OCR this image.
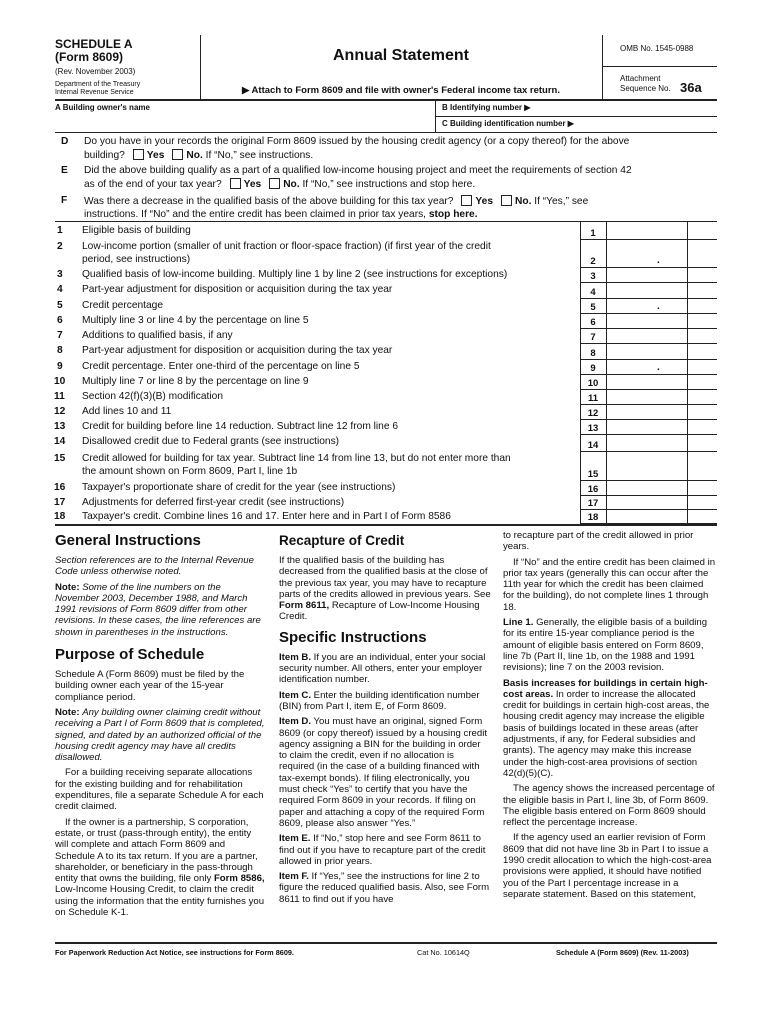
SCHEDULE A
(Form 8609)
(Rev. November 2003)
Department of the Treasury
Internal Revenue Service
Annual Statement
▶ Attach to Form 8609 and file with owner's Federal income tax return.
OMB No. 1545-0988
Attachment
Sequence No. 36a
A Building owner's name	B Identifying number ▶
C Building identification number ▶
D	Do you have in your records the original Form 8609 issued by the housing credit agency (or a copy thereof) for the above
building? Yes No. If “No,” see instructions.
E	Did the above building qualify as a part of a qualified low-income housing project and meet the requirements of section 42
as of the end of your tax year? Yes No. If “No,” see instructions and stop here.
F	Was there a decrease in the qualified basis of the above building for this tax year? Yes No. If “Yes,” see
instructions. If “No” and the entire credit has been claimed in prior tax years, stop here.
1	Eligible basis of building	1
2	Low-income portion (smaller of unit fraction or floor-space fraction) (if first year of the credit
period, see instructions)	2	.
3	Qualified basis of low-income building. Multiply line 1 by line 2 (see instructions for exceptions)	3
4	Part-year adjustment for disposition or acquisition during the tax year	4
5	Credit percentage	5	.
6	Multiply line 3 or line 4 by the percentage on line 5	6
7	Additions to qualified basis, if any	7
8	Part-year adjustment for disposition or acquisition during the tax year	8
9	Credit percentage. Enter one-third of the percentage on line 5	9	.
10	Multiply line 7 or line 8 by the percentage on line 9	10
11	Section 42(f)(3)(B) modification	11
12	Add lines 10 and 11	12
13	Credit for building before line 14 reduction. Subtract line 12 from line 6	13
14	Disallowed credit due to Federal grants (see instructions)	14
15	Credit allowed for building for tax year. Subtract line 14 from line 13, but do not enter more than
the amount shown on Form 8609, Part I, line 1b	15
16	Taxpayer's proportionate share of credit for the year (see instructions)	16
17	Adjustments for deferred first-year credit (see instructions)	17
18	Taxpayer's credit. Combine lines 16 and 17. Enter here and in Part I of Form 8586	18
General Instructions

Section references are to the Internal Revenue Code unless otherwise noted.

Note: Some of the line numbers on the November 2003, December 1988, and March 1991 revisions of Form 8609 differ from other revisions. In these cases, the line references are shown in parentheses in the instructions.

Purpose of Schedule

Schedule A (Form 8609) must be filed by the building owner each year of the 15-year compliance period.

Note: Any building owner claiming credit without receiving a Part I of Form 8609 that is completed, signed, and dated by an authorized official of the housing credit agency may have all credits disallowed.

For a building receiving separate allocations for the existing building and for rehabilitation expenditures, file a separate Schedule A for each credit claimed.

If the owner is a partnership, S corporation, estate, or trust (pass-through entity), the entity will complete and attach Form 8609 and Schedule A to its tax return. If you are a partner, shareholder, or beneficiary in the pass-through entity that owns the building, file only Form 8586, Low-Income Housing Credit, to claim the credit using the information that the entity furnishes you on Schedule K-1.

Recapture of Credit

If the qualified basis of the building has decreased from the qualified basis at the close of the previous tax year, you may have to recapture parts of the credits allowed in previous years. See Form 8611, Recapture of Low-Income Housing Credit.

Specific Instructions

Item B. If you are an individual, enter your social security number. All others, enter your employer identification number.

Item C. Enter the building identification number (BIN) from Part I, item E, of Form 8609.

Item D. You must have an original, signed Form 8609 (or copy thereof) issued by a housing credit agency assigning a BIN for the building in order to claim the credit, even if no allocation is required (in the case of a building financed with tax-exempt bonds). If filing electronically, you must check “Yes” to certify that you have the required Form 8609 in your records. If filing on paper and attaching a copy of the required Form 8609, please also answer “Yes.”

Item E. If “No,” stop here and see Form 8611 to find out if you have to recapture part of the credit allowed in prior years.

Item F. If “Yes,” see the instructions for line 2 to figure the reduced qualified basis. Also, see Form 8611 to find out if you have

to recapture part of the credit allowed in prior years.

If “No” and the entire credit has been claimed in prior tax years (generally this can occur after the 11th year for which the credit has been claimed for the building), do not complete lines 1 through 18.

Line 1. Generally, the eligible basis of a building for its entire 15-year compliance period is the amount of eligible basis entered on Form 8609, line 7b (Part II, line 1b, on the 1988 and 1991 revisions); line 7 on the 2003 revision.

Basis increases for buildings in certain high-cost areas. In order to increase the allocated credit for buildings in certain high-cost areas, the housing credit agency may increase the eligible basis of buildings located in these areas (after adjustments, if any, for Federal subsidies and grants). The agency may make this increase under the high-cost-area provisions of section 42(d)(5)(C).

The agency shows the increased percentage of the eligible basis in Part I, line 3b, of Form 8609. The eligible basis entered on Form 8609 should reflect the percentage increase.

If the agency used an earlier revision of Form 8609 that did not have line 3b in Part I to issue a 1990 credit allocation to which the high-cost-area provisions were applied, it should have notified you of the Part I percentage increase in a separate statement. Based on this statement,

For Paperwork Reduction Act Notice, see instructions for Form 8609.	Cat No. 10614Q	Schedule A (Form 8609) (Rev. 11-2003)
